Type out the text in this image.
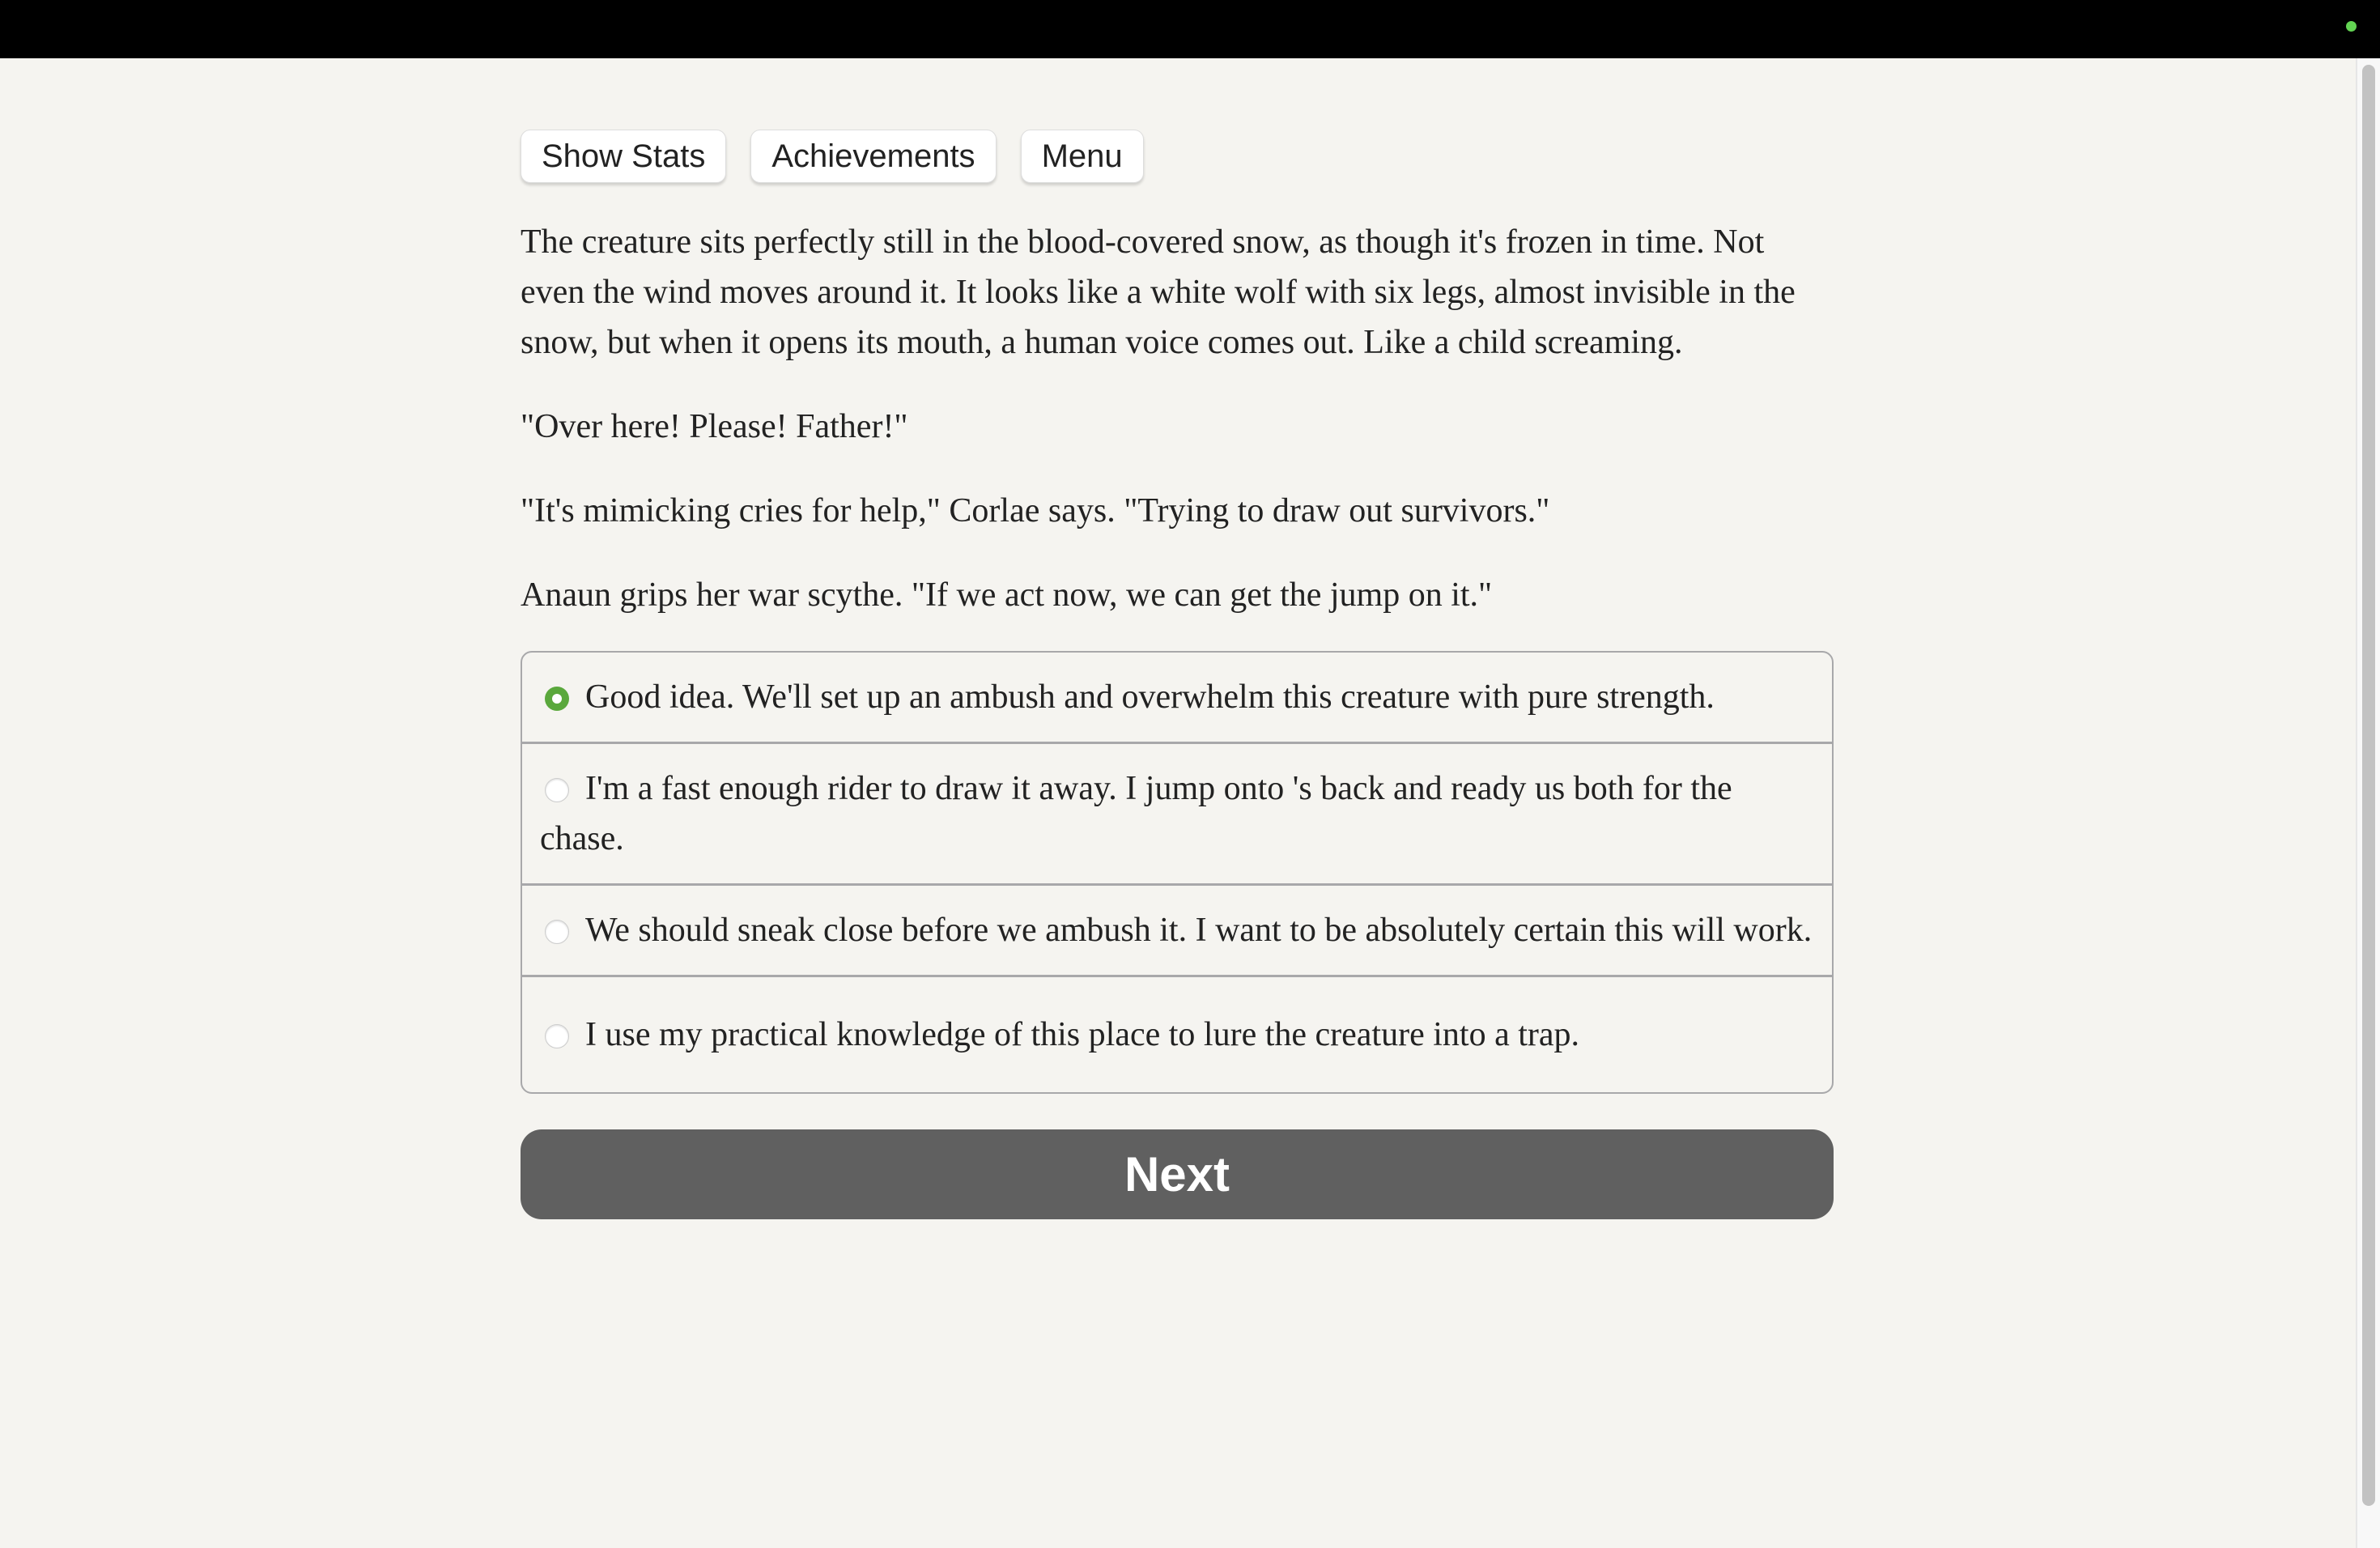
Show Stats	Achievements	Menu

The creature sits perfectly still in the blood-covered snow, as though it's frozen in time. Not even the wind moves around it. It looks like a white wolf with six legs, almost invisible in the snow, but when it opens its mouth, a human voice comes out. Like a child screaming.

"Over here! Please! Father!"

"It's mimicking cries for help," Corlae says. "Trying to draw out survivors."

Anaun grips her war scythe. "If we act now, we can get the jump on it."

Good idea. We'll set up an ambush and overwhelm this creature with pure strength.
I'm a fast enough rider to draw it away. I jump onto 's back and ready us both for the chase.
We should sneak close before we ambush it. I want to be absolutely certain this will work.
I use my practical knowledge of this place to lure the creature into a trap.
Next
